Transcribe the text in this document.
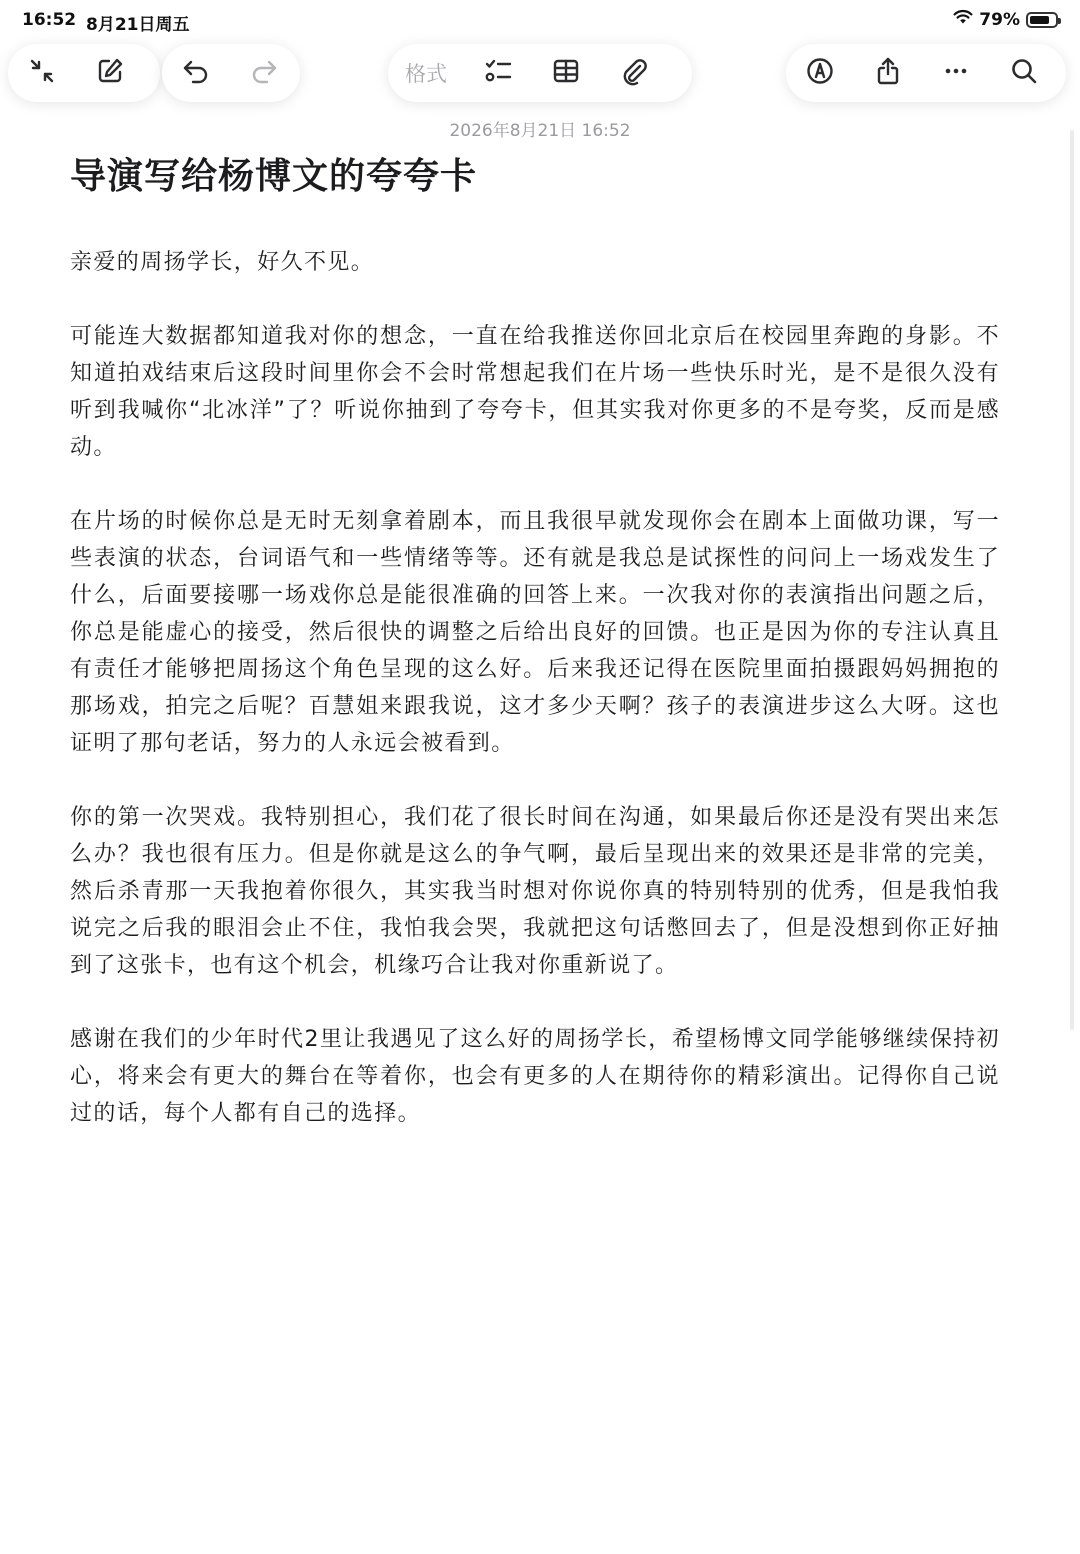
16:52 8月21日周五	79%
格式
2026年8月21日 16:52
导演写给杨博文的夸夸卡

亲爱的周扬学长，好久不见。

可能连大数据都知道我对你的想念，一直在给我推送你回北京后在校园里奔跑的身影。不知道拍戏结束后这段时间里你会不会时常想起我们在片场一些快乐时光，是不是很久没有听到我喊你“北冰洋”了？听说你抽到了夸夸卡，但其实我对你更多的不是夸奖，反而是感动。

在片场的时候你总是无时无刻拿着剧本，而且我很早就发现你会在剧本上面做功课，写一些表演的状态，台词语气和一些情绪等等。还有就是我总是试探性的问问上一场戏发生了什么，后面要接哪一场戏你总是能很准确的回答上来。一次我对你的表演指出问题之后，你总是能虚心的接受，然后很快的调整之后给出良好的回馈。也正是因为你的专注认真且有责任才能够把周扬这个角色呈现的这么好。后来我还记得在医院里面拍摄跟妈妈拥抱的那场戏，拍完之后呢？百慧姐来跟我说，这才多少天啊？孩子的表演进步这么大呀。这也证明了那句老话，努力的人永远会被看到。

你的第一次哭戏。我特别担心，我们花了很长时间在沟通，如果最后你还是没有哭出来怎么办？我也很有压力。但是你就是这么的争气啊，最后呈现出来的效果还是非常的完美，然后杀青那一天我抱着你很久，其实我当时想对你说你真的特别特别的优秀，但是我怕我说完之后我的眼泪会止不住，我怕我会哭，我就把这句话憋回去了，但是没想到你正好抽到了这张卡，也有这个机会，机缘巧合让我对你重新说了。

感谢在我们的少年时代2里让我遇见了这么好的周扬学长，希望杨博文同学能够继续保持初心，将来会有更大的舞台在等着你，也会有更多的人在期待你的精彩演出。记得你自己说过的话，每个人都有自己的选择。
